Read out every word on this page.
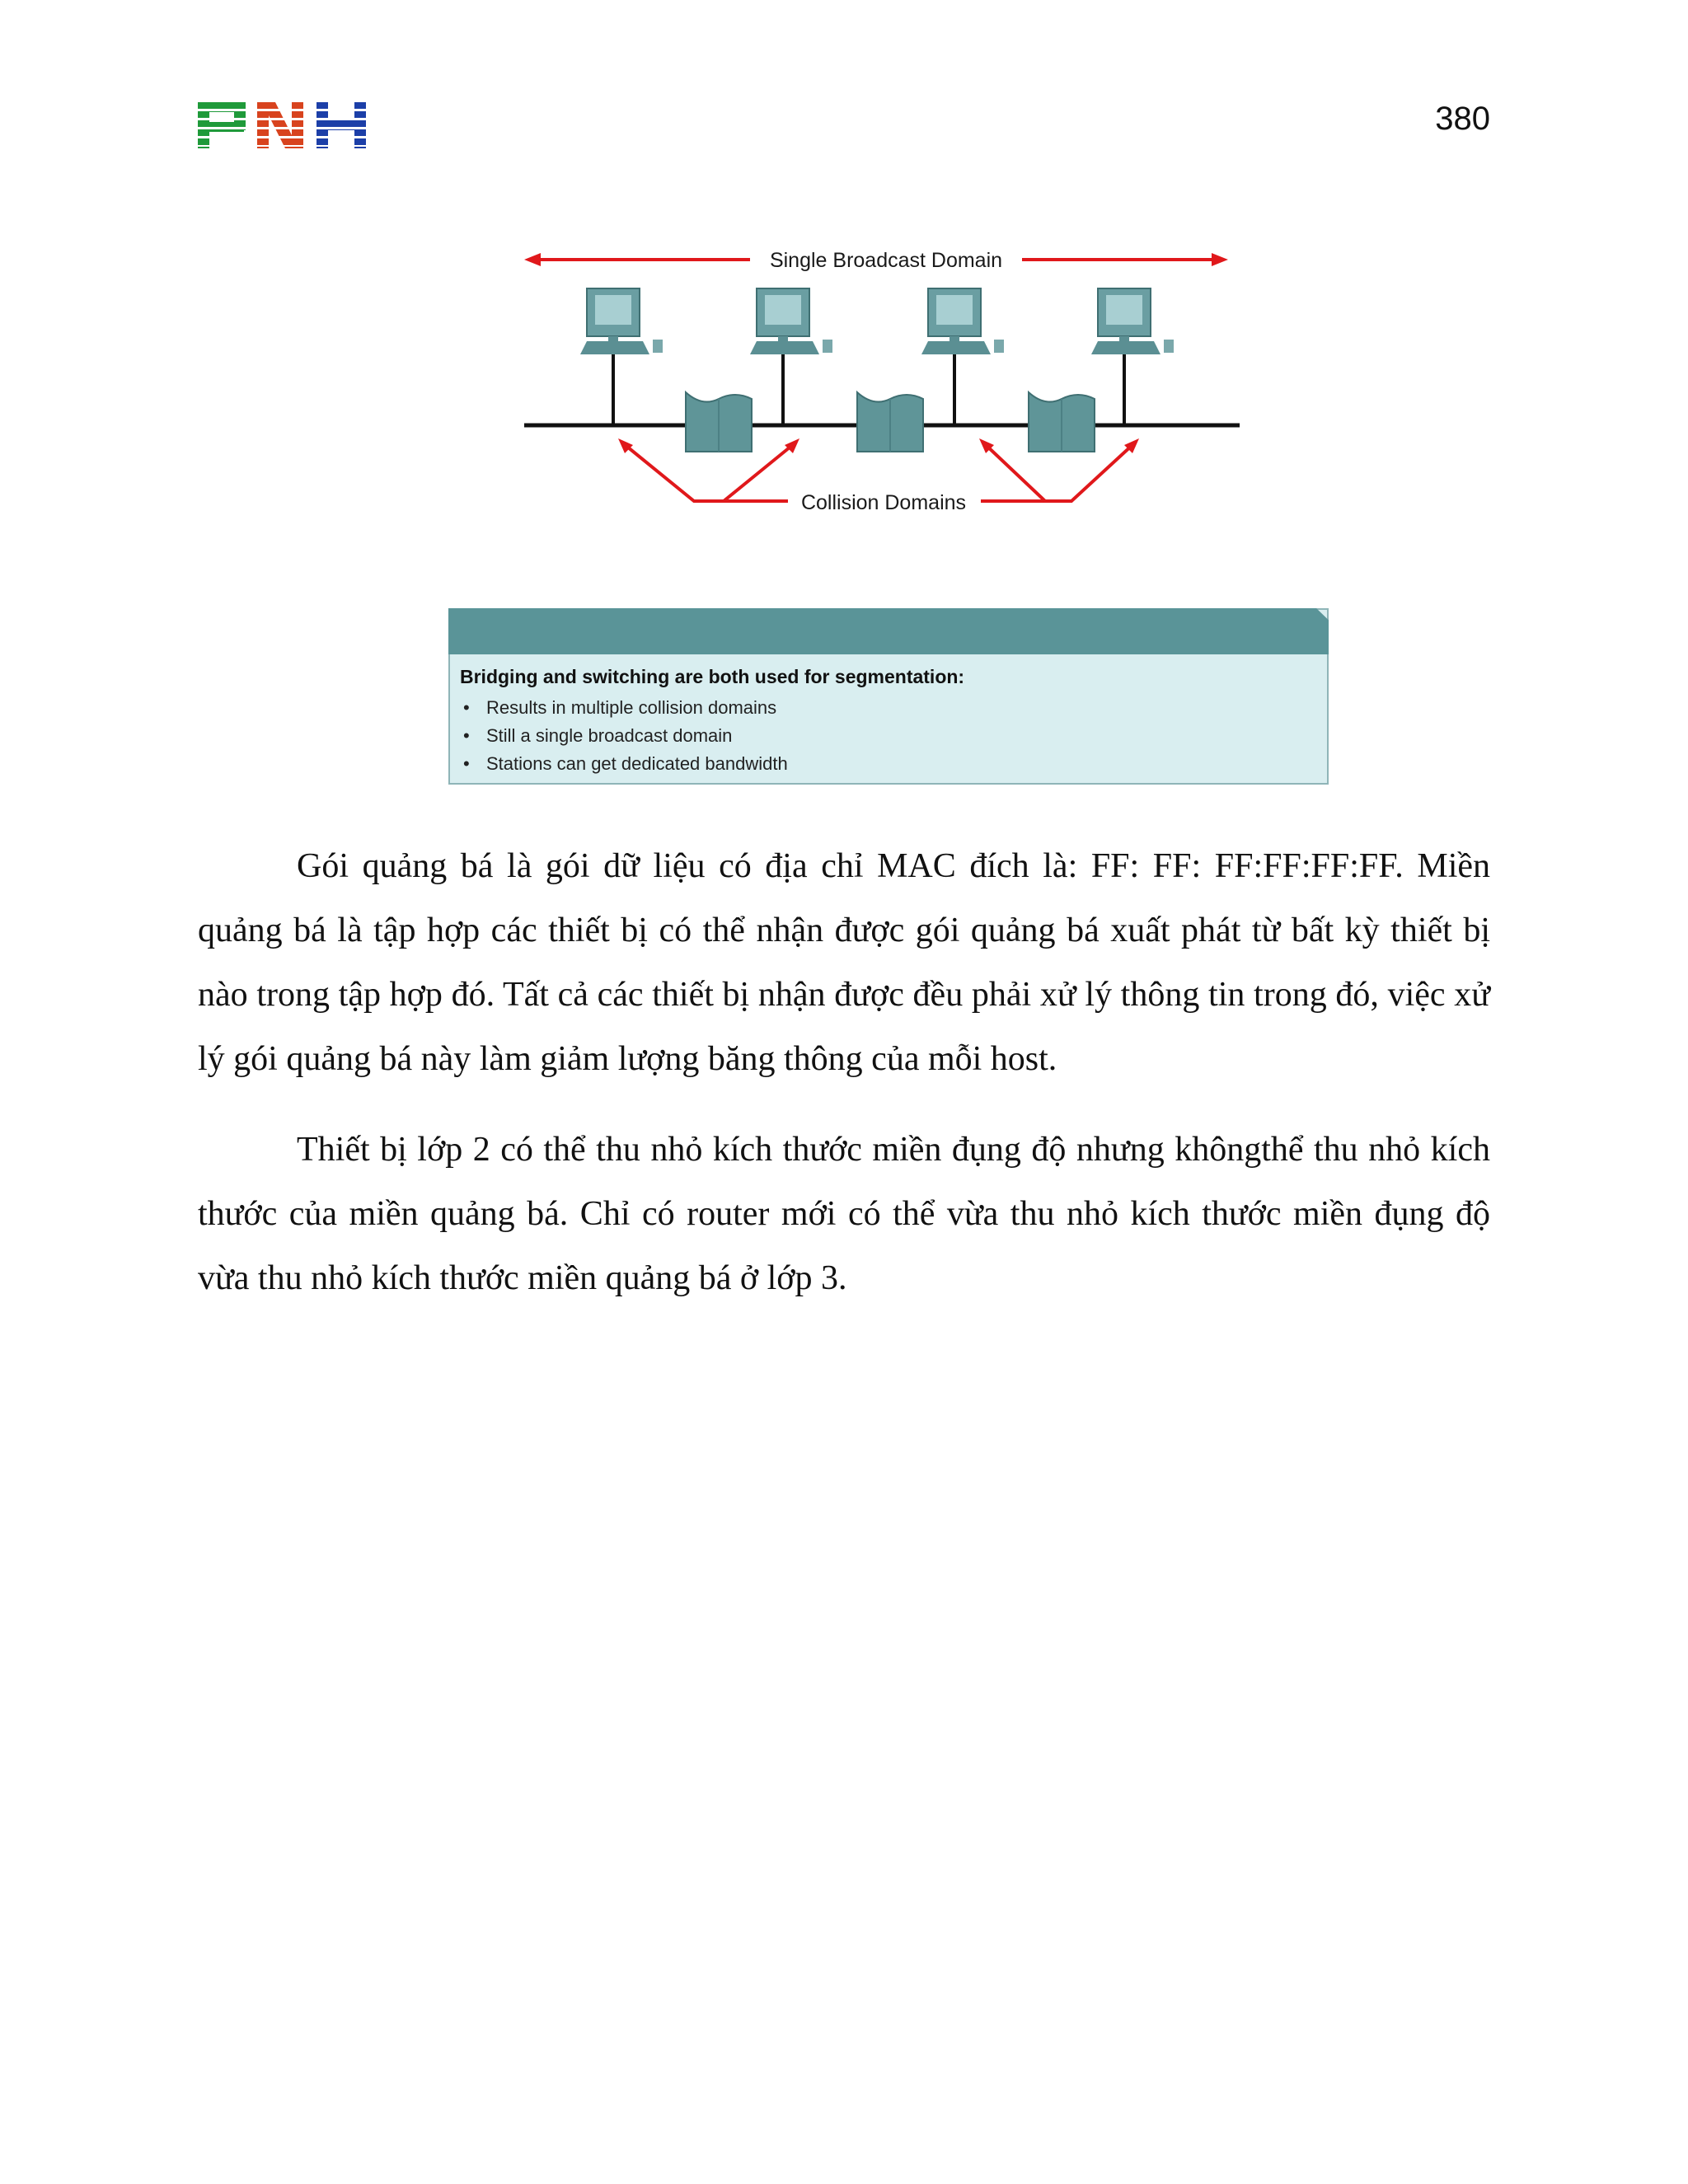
380
Single Broadcast Domain
Collision Domains
Bridging and switching are both used for segmentation:
• Results in multiple collision domains
• Still a single broadcast domain
• Stations can get dedicated bandwidth

Gói quảng bá là gói dữ liệu có địa chỉ MAC đích là: FF: FF: FF:FF:FF:FF. Miền quảng bá là tập hợp các thiết bị có thể nhận được gói quảng bá xuất phát từ bất kỳ thiết bị nào trong tập hợp đó. Tất cả các thiết bị nhận được đều phải xử lý thông tin trong đó, việc xử lý gói quảng bá này làm giảm lượng băng thông của mỗi host.

Thiết bị lớp 2 có thể thu nhỏ kích thước miền đụng độ nhưng khôngthể thu nhỏ kích thước của miền quảng bá. Chỉ có router mới có thể vừa thu nhỏ kích thước miền đụng độ vừa thu nhỏ kích thước miền quảng bá ở lớp 3.
